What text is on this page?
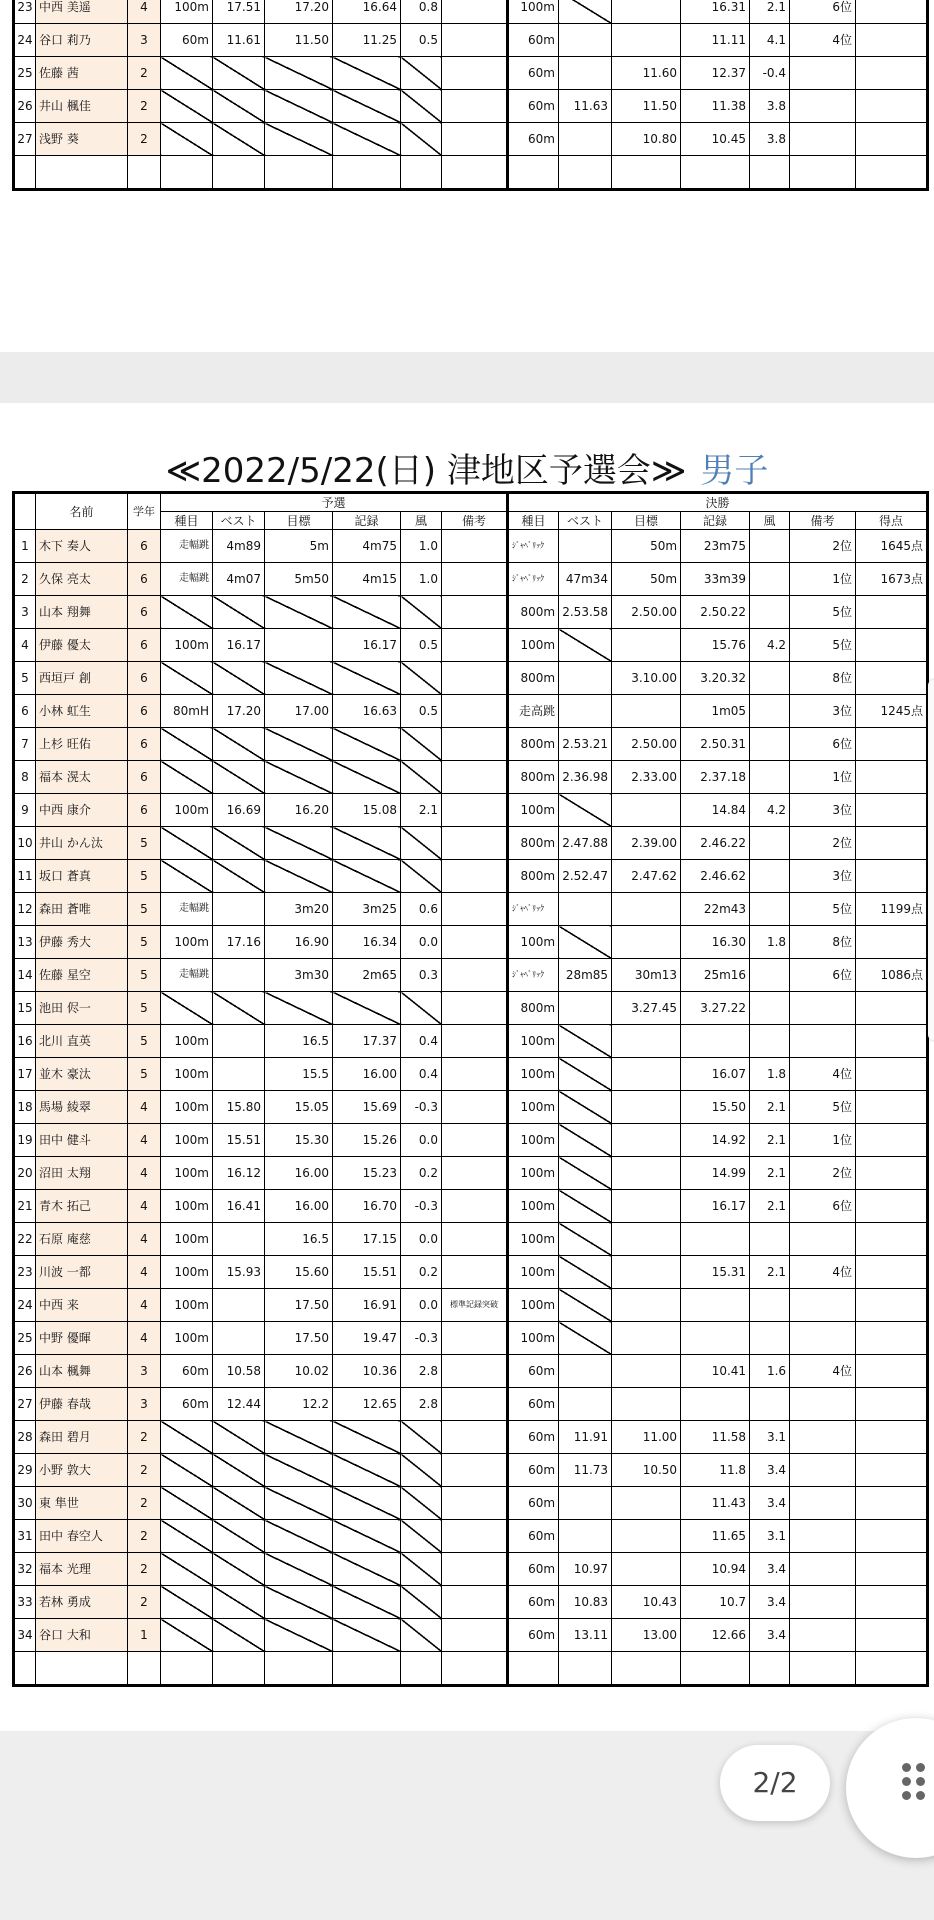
23	中西 美遥	4	100m	17.51	17.20	16.64	0.8		100m			16.31	2.1	6位	
24	谷口 莉乃	3	60m	11.61	11.50	11.25	0.5		60m			11.11	4.1	4位	
25	佐藤 茜	2							60m		11.60	12.37	-0.4		
26	井山 楓佳	2							60m	11.63	11.50	11.38	3.8		
27	浅野 葵	2							60m		10.80	10.45	3.8		

≪2022/5/22(日) 津地区予選会≫ 男子
	名前	学年	予選						決勝						
			種目	ベスト	目標	記録	風	備考	種目	ベスト	目標	記録	風	備考	得点
1	木下 奏人	6	走幅跳	4m89	5m	4m75	1.0		ｼﾞｬﾍﾞﾘｯｸ		50m	23m75		2位	1645点
2	久保 亮太	6	走幅跳	4m07	5m50	4m15	1.0		ｼﾞｬﾍﾞﾘｯｸ	47m34	50m	33m39		1位	1673点
3	山本 翔舞	6							800m	2.53.58	2.50.00	2.50.22		5位	
4	伊藤 優太	6	100m	16.17		16.17	0.5		100m			15.76	4.2	5位	
5	西垣戸 創	6							800m		3.10.00	3.20.32		8位	
6	小林 虹生	6	80mH	17.20	17.00	16.63	0.5		走高跳			1m05		3位	1245点
7	上杉 旺佑	6							800m	2.53.21	2.50.00	2.50.31		6位	
8	福本 滉太	6							800m	2.36.98	2.33.00	2.37.18		1位	
9	中西 康介	6	100m	16.69	16.20	15.08	2.1		100m			14.84	4.2	3位	
10	井山 かん汰	5							800m	2.47.88	2.39.00	2.46.22		2位	
11	坂口 蒼真	5							800m	2.52.47	2.47.62	2.46.62		3位	
12	森田 蒼唯	5	走幅跳		3m20	3m25	0.6		ｼﾞｬﾍﾞﾘｯｸ			22m43		5位	1199点
13	伊藤 秀大	5	100m	17.16	16.90	16.34	0.0		100m			16.30	1.8	8位	
14	佐藤 星空	5	走幅跳		3m30	2m65	0.3		ｼﾞｬﾍﾞﾘｯｸ	28m85	30m13	25m16		6位	1086点
15	池田 侭一	5							800m		3.27.45	3.27.22			
16	北川 直英	5	100m		16.5	17.37	0.4		100m						
17	並木 豪汰	5	100m		15.5	16.00	0.4		100m			16.07	1.8	4位	
18	馬場 綾翠	4	100m	15.80	15.05	15.69	-0.3		100m			15.50	2.1	5位	
19	田中 健斗	4	100m	15.51	15.30	15.26	0.0		100m			14.92	2.1	1位	
20	沼田 太翔	4	100m	16.12	16.00	15.23	0.2		100m			14.99	2.1	2位	
21	青木 拓己	4	100m	16.41	16.00	16.70	-0.3		100m			16.17	2.1	6位	
22	石原 庵慈	4	100m		16.5	17.15	0.0		100m						
23	川波 一都	4	100m	15.93	15.60	15.51	0.2		100m			15.31	2.1	4位	
24	中西 来	4	100m		17.50	16.91	0.0	標準記録突破	100m						
25	中野 優暉	4	100m		17.50	19.47	-0.3		100m						
26	山本 楓舞	3	60m	10.58	10.02	10.36	2.8		60m			10.41	1.6	4位	
27	伊藤 春哉	3	60m	12.44	12.2	12.65	2.8		60m						
28	森田 碧月	2							60m	11.91	11.00	11.58	3.1		
29	小野 敦大	2							60m	11.73	10.50	11.8	3.4		
30	東 隼世	2							60m			11.43	3.4		
31	田中 春空人	2							60m			11.65	3.1		
32	福本 光理	2							60m	10.97		10.94	3.4		
33	若林 勇成	2							60m	10.83	10.43	10.7	3.4		
34	谷口 大和	1							60m	13.11	13.00	12.66	3.4		

2/2
